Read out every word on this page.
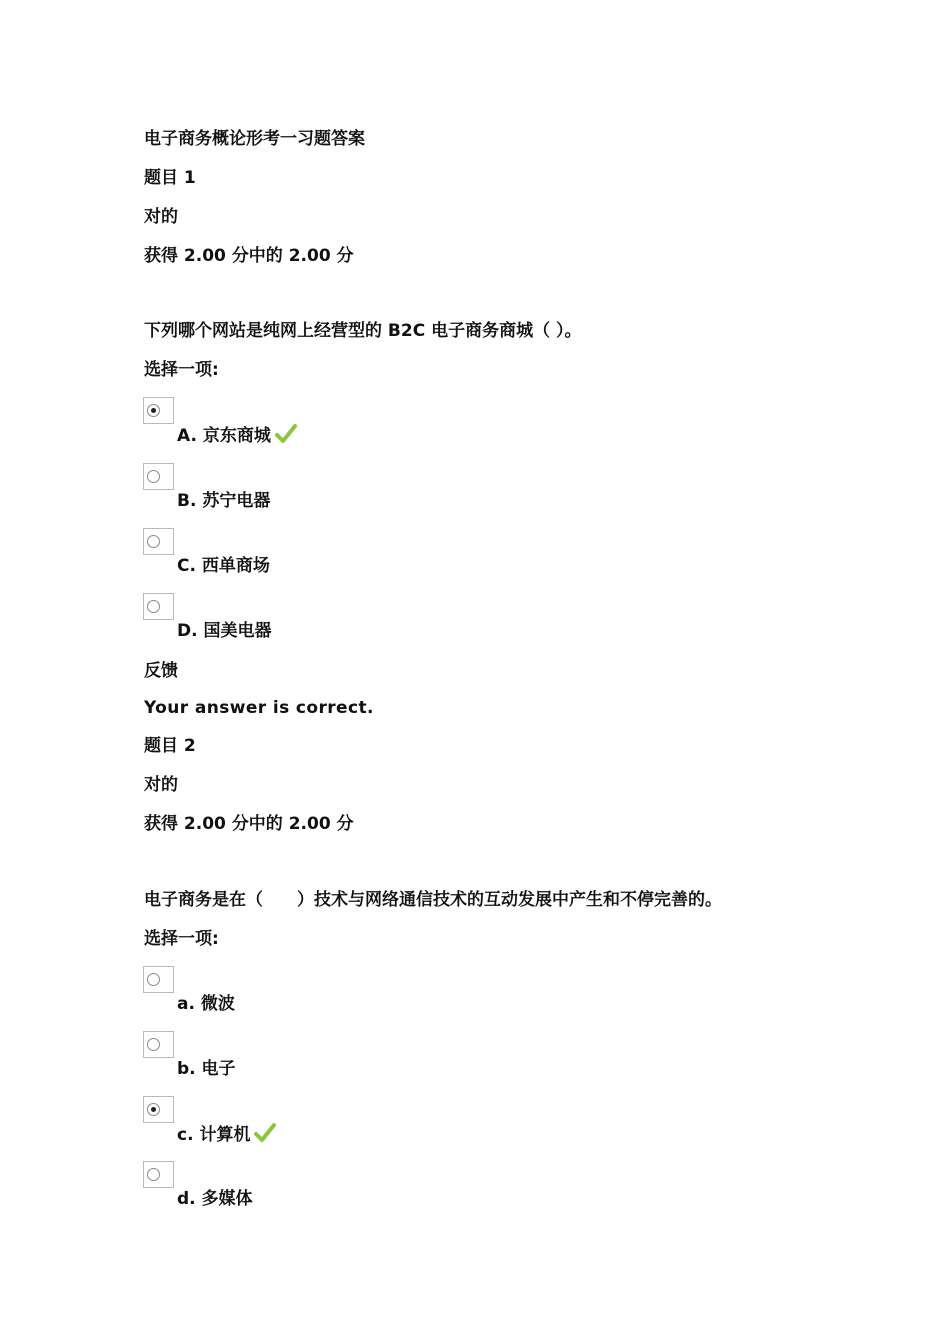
电子商务概论形考一习题答案
题目 1
对的
获得 2.00 分中的 2.00 分
下列哪个网站是纯网上经营型的 B2C 电子商务商城（ ）。
选择一项:
A. 京东商城
B. 苏宁电器
C. 西单商场
D. 国美电器
反馈
Your answer is correct.
题目 2
对的
获得 2.00 分中的 2.00 分
电子商务是在（　　）技术与网络通信技术的互动发展中产生和不停完善的。
选择一项:
a. 微波
b. 电子
c. 计算机
d. 多媒体
